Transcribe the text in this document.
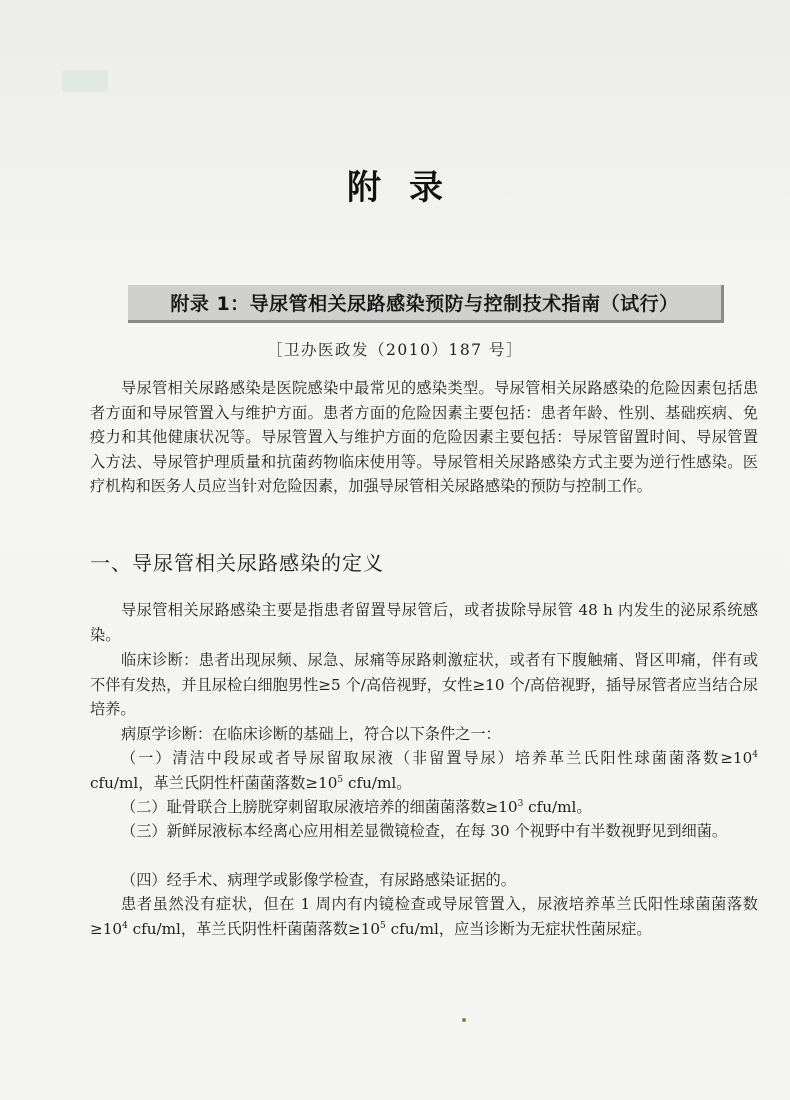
附录
附录 1：导尿管相关尿路感染预防与控制技术指南（试行）
［卫办医政发（2010）187 号］

导尿管相关尿路感染是医院感染中最常见的感染类型。导尿管相关尿路感染的危险因素包括患者方面和导尿管置入与维护方面。患者方面的危险因素主要包括：患者年龄、性别、基础疾病、免疫力和其他健康状况等。导尿管置入与维护方面的危险因素主要包括：导尿管留置时间、导尿管置入方法、导尿管护理质量和抗菌药物临床使用等。导尿管相关尿路感染方式主要为逆行性感染。医疗机构和医务人员应当针对危险因素，加强导尿管相关尿路感染的预防与控制工作。

一、导尿管相关尿路感染的定义

导尿管相关尿路感染主要是指患者留置导尿管后，或者拔除导尿管 48 h 内发生的泌尿系统感染。

临床诊断：患者出现尿频、尿急、尿痛等尿路刺激症状，或者有下腹触痛、肾区叩痛，伴有或不伴有发热，并且尿检白细胞男性≥5 个/高倍视野，女性≥10 个/高倍视野，插导尿管者应当结合尿培养。

病原学诊断：在临床诊断的基础上，符合以下条件之一：

（一）清洁中段尿或者导尿留取尿液（非留置导尿）培养革兰氏阳性球菌菌落数$\ge 10^4$ cfu/ml，革兰氏阴性杆菌菌落数$\ge 10^5$ cfu/ml。

（二）耻骨联合上膀胱穿刺留取尿液培养的细菌菌落数$\ge 10^3$ cfu/ml。

（三）新鲜尿液标本经离心应用相差显微镜检查，在每 30 个视野中有半数视野见到细菌。

（四）经手术、病理学或影像学检查，有尿路感染证据的。

患者虽然没有症状，但在 1 周内有内镜检查或导尿管置入，尿液培养革兰氏阳性球菌菌落数$\ge 10^4$ cfu/ml，革兰氏阴性杆菌菌落数$\ge 10^5$ cfu/ml，应当诊断为无症状性菌尿症。
